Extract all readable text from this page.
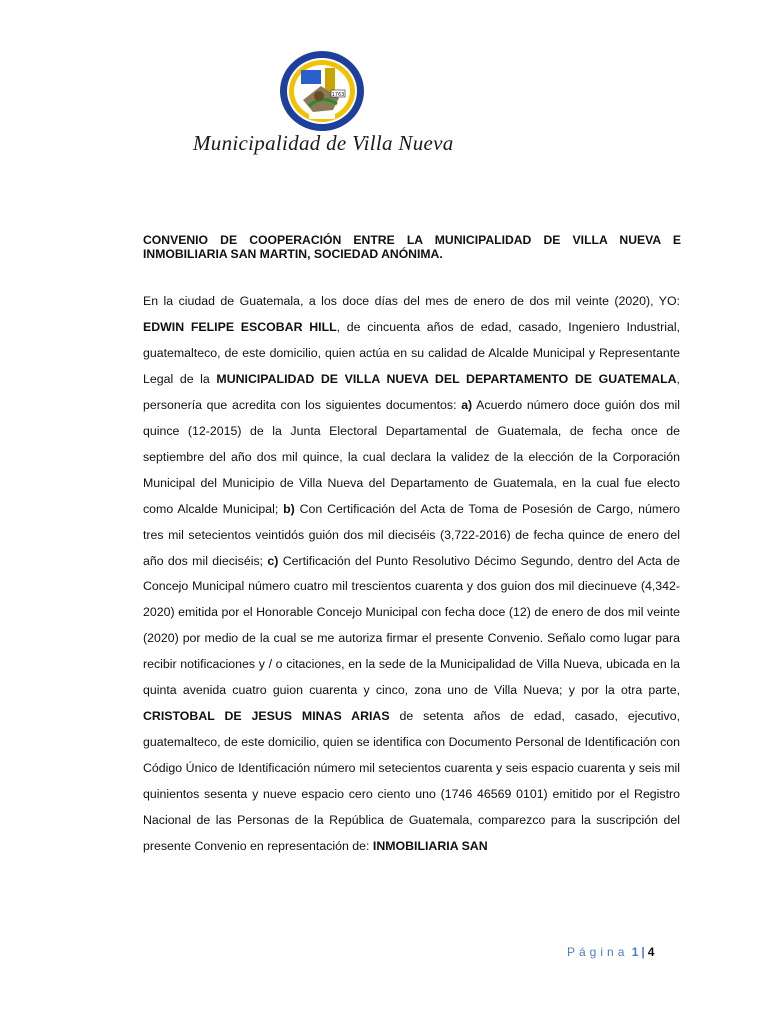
1763
Municipalidad de Villa Nueva
CONVENIO DE COOPERACIÓN ENTRE LA MUNICIPALIDAD DE VILLA NUEVA E INMOBILIARIA SAN MARTIN, SOCIEDAD ANÓNIMA.

En la ciudad de Guatemala, a los doce días del mes de enero de dos mil veinte (2020), YO: EDWIN FELIPE ESCOBAR HILL, de cincuenta años de edad, casado, Ingeniero Industrial, guatemalteco, de este domicilio, quien actúa en su calidad de Alcalde Municipal y Representante Legal de la MUNICIPALIDAD DE VILLA NUEVA DEL DEPARTAMENTO DE GUATEMALA, personería que acredita con los siguientes documentos: a) Acuerdo número doce guión dos mil quince (12-2015) de la Junta Electoral Departamental de Guatemala, de fecha once de septiembre del año dos mil quince, la cual declara la validez de la elección de la Corporación Municipal del Municipio de Villa Nueva del Departamento de Guatemala, en la cual fue electo como Alcalde Municipal; b) Con Certificación del Acta de Toma de Posesión de Cargo, número tres mil setecientos veintidós guión dos mil dieciséis (3,722-2016) de fecha quince de enero del año dos mil dieciséis; c) Certificación del Punto Resolutivo Décimo Segundo, dentro del Acta de Concejo Municipal número cuatro mil trescientos cuarenta y dos guion dos mil diecinueve (4,342-2020) emitida por el Honorable Concejo Municipal con fecha doce (12) de enero de dos mil veinte (2020) por medio de la cual se me autoriza firmar el presente Convenio. Señalo como lugar para recibir notificaciones y / o citaciones, en la sede de la Municipalidad de Villa Nueva, ubicada en la quinta avenida cuatro guion cuarenta y cinco, zona uno de Villa Nueva; y por la otra parte, CRISTOBAL DE JESUS MINAS ARIAS de setenta años de edad, casado, ejecutivo, guatemalteco, de este domicilio, quien se identifica con Documento Personal de Identificación con Código Único de Identificación número mil setecientos cuarenta y seis espacio cuarenta y seis mil quinientos sesenta y nueve espacio cero ciento uno (1746 46569 0101) emitido por el Registro Nacional de las Personas de la República de Guatemala, comparezco para la suscripción del presente Convenio en representación de: INMOBILIARIA SAN

Página 1 | 4
